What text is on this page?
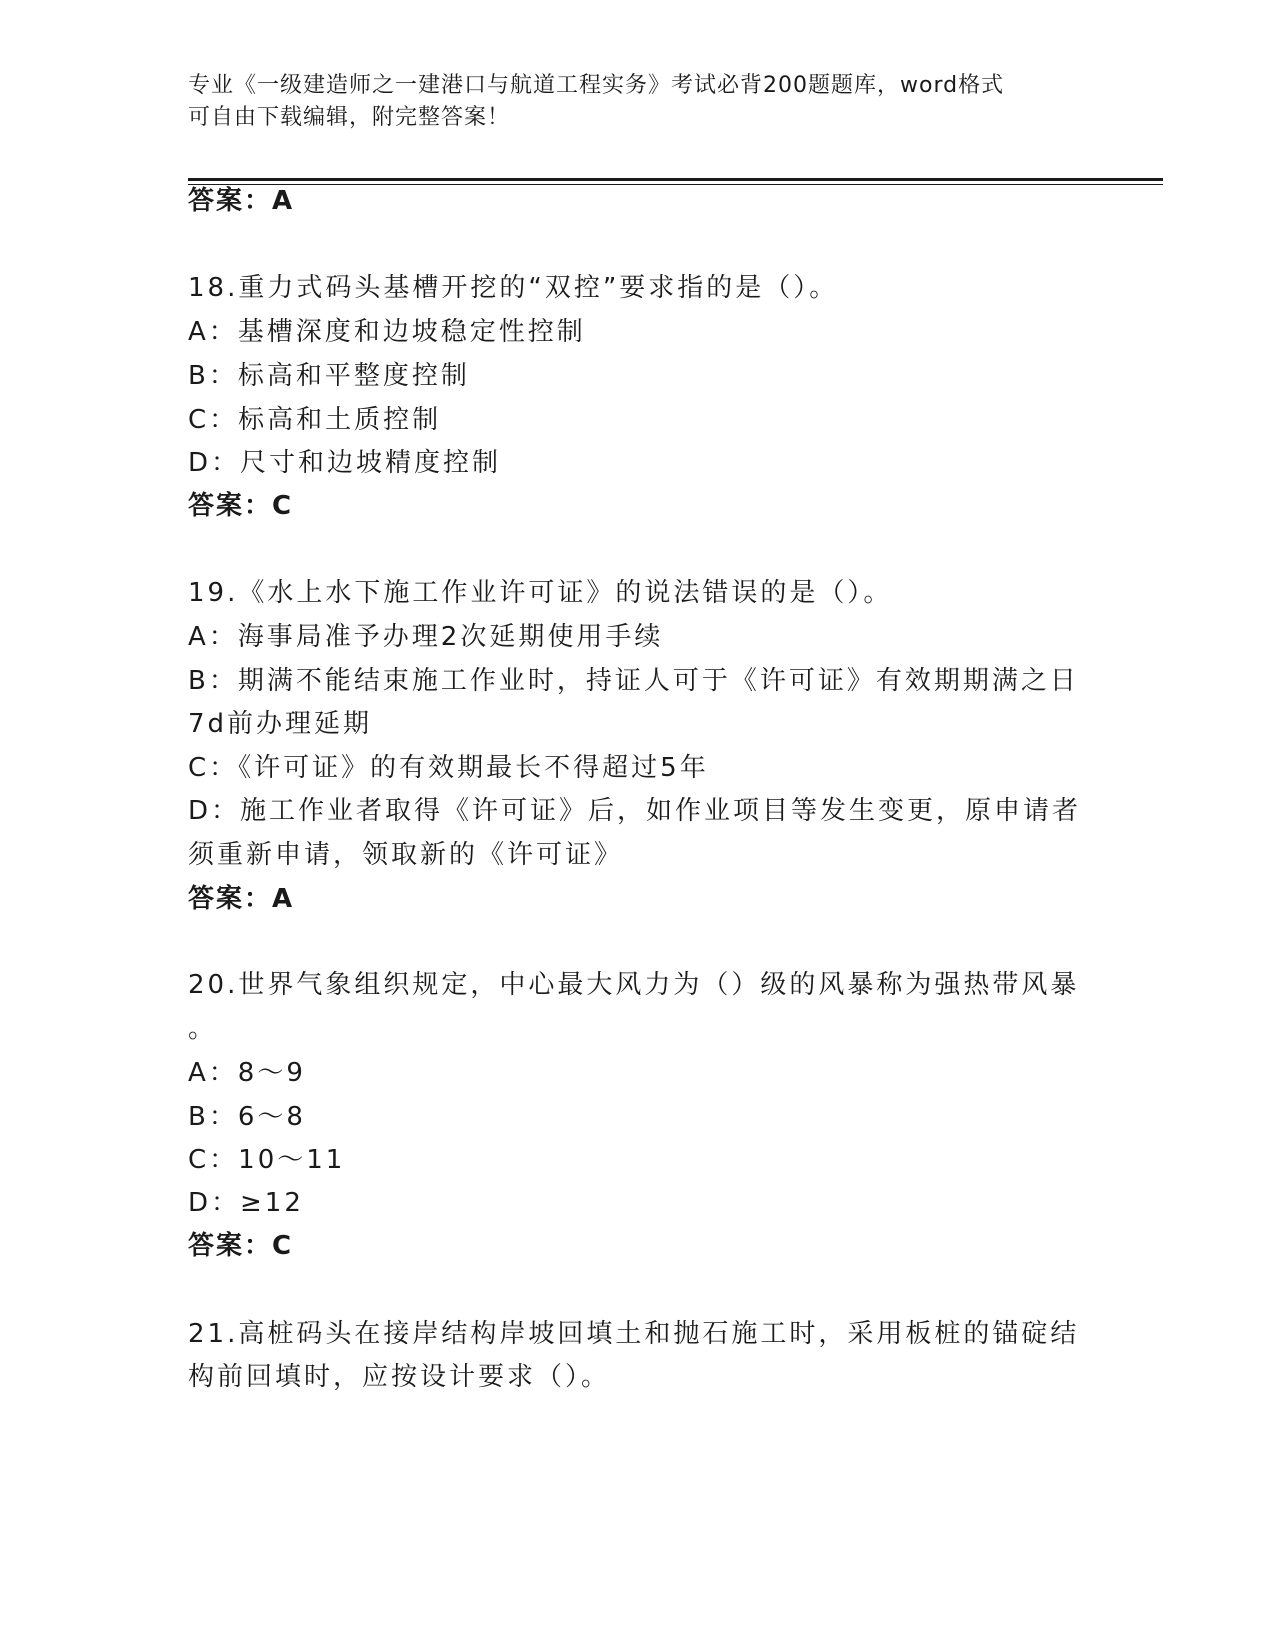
专业《一级建造师之一建港口与航道工程实务》考试必背200题题库，word格式
可自由下载编辑，附完整答案！
答案：A
18.重力式码头基槽开挖的“双控”要求指的是（）。
A：基槽深度和边坡稳定性控制
B：标高和平整度控制
C：标高和土质控制
D：尺寸和边坡精度控制
答案：C
19.《水上水下施工作业许可证》的说法错误的是（）。
A：海事局准予办理2次延期使用手续
B：期满不能结束施工作业时，持证人可于《许可证》有效期期满之日
7d前办理延期
C：《许可证》的有效期最长不得超过5年
D：施工作业者取得《许可证》后，如作业项目等发生变更，原申请者
须重新申请，领取新的《许可证》
答案：A
20.世界气象组织规定，中心最大风力为（）级的风暴称为强热带风暴
。
A：8～9
B：6～8
C：10～11
D：≥12
答案：C
21.高桩码头在接岸结构岸坡回填土和抛石施工时，采用板桩的锚碇结
构前回填时，应按设计要求（）。
